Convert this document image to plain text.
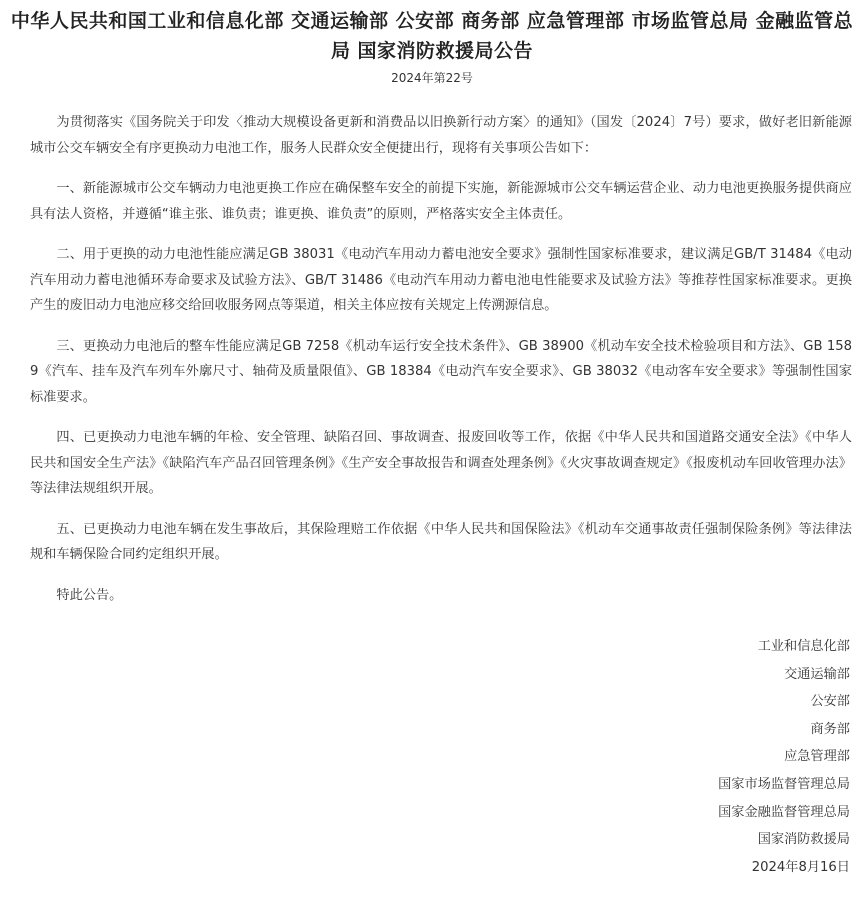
中华人民共和国工业和信息化部 交通运输部 公安部 商务部 应急管理部 市场监管总局 金融监管总局 国家消防救援局公告
2024年第22号

为贯彻落实《国务院关于印发〈推动大规模设备更新和消费品以旧换新行动方案〉的通知》（国发〔2024〕7号）要求，做好老旧新能源城市公交车辆安全有序更换动力电池工作，服务人民群众安全便捷出行，现将有关事项公告如下：

一、新能源城市公交车辆动力电池更换工作应在确保整车安全的前提下实施，新能源城市公交车辆运营企业、动力电池更换服务提供商应具有法人资格，并遵循“谁主张、谁负责；谁更换、谁负责”的原则，严格落实安全主体责任。

二、用于更换的动力电池性能应满足GB 38031《电动汽车用动力蓄电池安全要求》强制性国家标准要求，建议满足GB/T 31484《电动汽车用动力蓄电池循环寿命要求及试验方法》、GB/T 31486《电动汽车用动力蓄电池电性能要求及试验方法》等推荐性国家标准要求。更换产生的废旧动力电池应移交给回收服务网点等渠道，相关主体应按有关规定上传溯源信息。

三、更换动力电池后的整车性能应满足GB 7258《机动车运行安全技术条件》、GB 38900《机动车安全技术检验项目和方法》、GB 1589《汽车、挂车及汽车列车外廓尺寸、轴荷及质量限值》、GB 18384《电动汽车安全要求》、GB 38032《电动客车安全要求》等强制性国家标准要求。

四、已更换动力电池车辆的年检、安全管理、缺陷召回、事故调查、报废回收等工作，依据《中华人民共和国道路交通安全法》《中华人民共和国安全生产法》《缺陷汽车产品召回管理条例》《生产安全事故报告和调查处理条例》《火灾事故调查规定》《报废机动车回收管理办法》等法律法规组织开展。

五、已更换动力电池车辆在发生事故后，其保险理赔工作依据《中华人民共和国保险法》《机动车交通事故责任强制保险条例》等法律法规和车辆保险合同约定组织开展。

特此公告。

工业和信息化部
交通运输部
公安部
商务部
应急管理部
国家市场监督管理总局
国家金融监督管理总局
国家消防救援局
2024年8月16日
